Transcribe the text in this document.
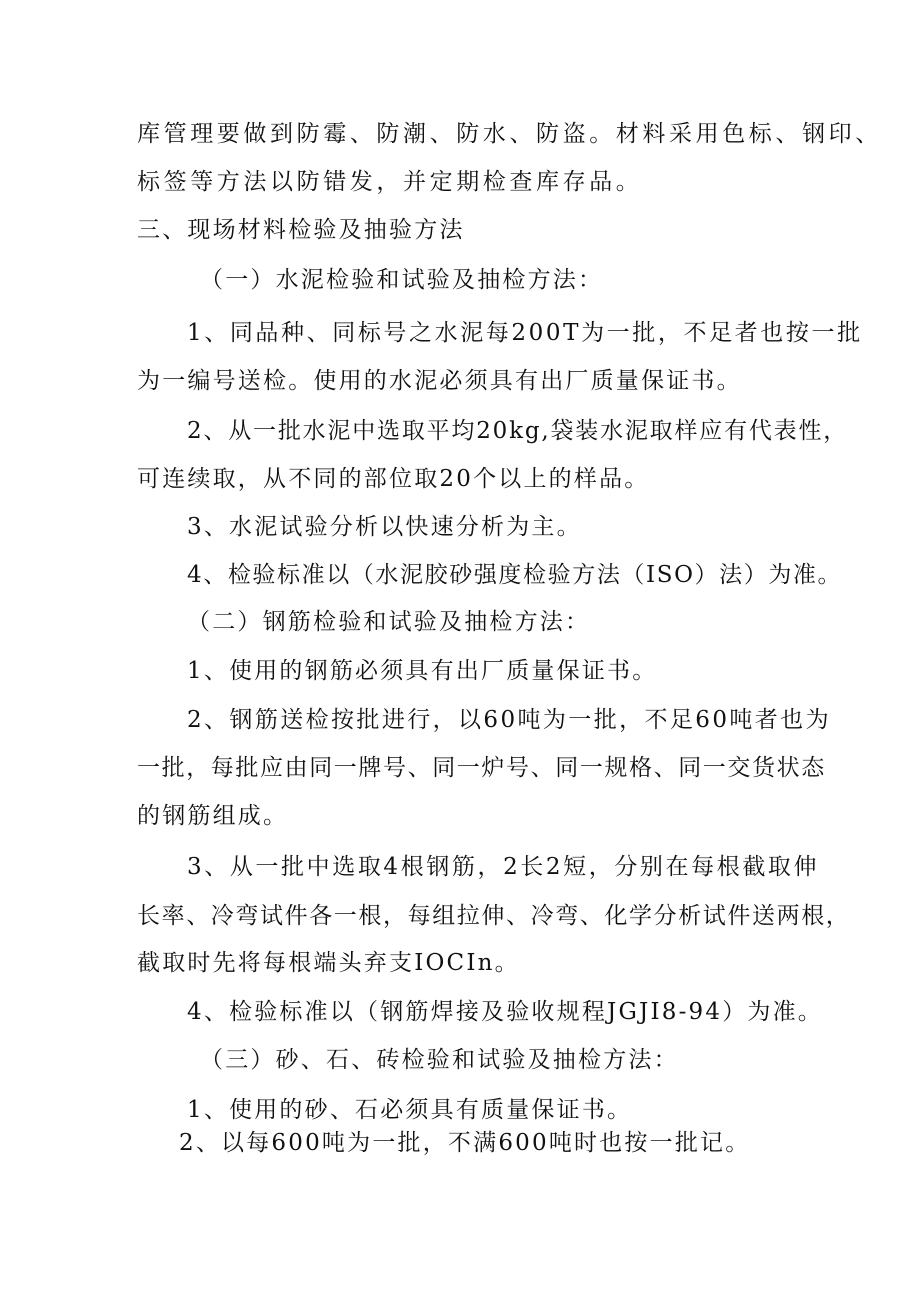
库管理要做到防霉、防潮、防水、防盗。材料采用色标、钢印、
标签等方法以防错发，并定期检查库存品。
三、现场材料检验及抽验方法
（一）水泥检验和试验及抽检方法：
1、同品种、同标号之水泥每200T为一批，不足者也按一批
为一编号送检。使用的水泥必须具有出厂质量保证书。
2、从一批水泥中选取平均20kg,袋装水泥取样应有代表性，
可连续取，从不同的部位取20个以上的样品。
3、水泥试验分析以快速分析为主。
4、检验标准以（水泥胶砂强度检验方法（ISO）法）为准。
（二）钢筋检验和试验及抽检方法：
1、使用的钢筋必须具有出厂质量保证书。
2、钢筋送检按批进行，以60吨为一批，不足60吨者也为
一批，每批应由同一牌号、同一炉号、同一规格、同一交货状态
的钢筋组成。
3、从一批中选取4根钢筋，2长2短，分别在每根截取伸
长率、冷弯试件各一根，每组拉伸、冷弯、化学分析试件送两根，
截取时先将每根端头弃支IOCIn。
4、检验标准以（钢筋焊接及验收规程JGJI8-94）为准。
（三）砂、石、砖检验和试验及抽检方法：
1、使用的砂、石必须具有质量保证书。
2、以每600吨为一批，不满600吨时也按一批记。
